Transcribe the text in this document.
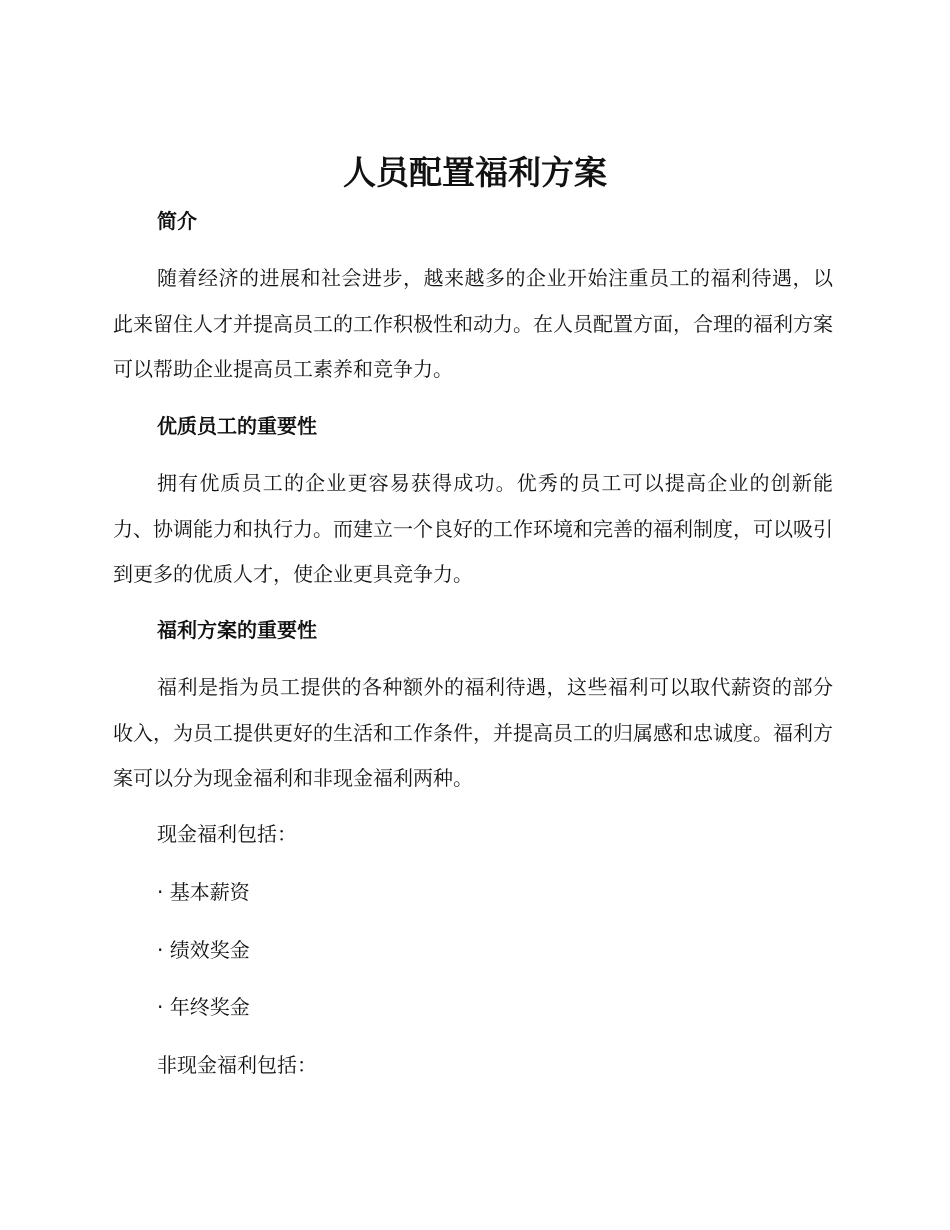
人员配置福利方案
简介

随着经济的进展和社会进步，越来越多的企业开始注重员工的福利待遇，以此来留住人才并提高员工的工作积极性和动力。在人员配置方面，合理的福利方案可以帮助企业提高员工素养和竞争力。

优质员工的重要性

拥有优质员工的企业更容易获得成功。优秀的员工可以提高企业的创新能力、协调能力和执行力。而建立一个良好的工作环境和完善的福利制度，可以吸引到更多的优质人才，使企业更具竞争力。

福利方案的重要性

福利是指为员工提供的各种额外的福利待遇，这些福利可以取代薪资的部分收入，为员工提供更好的生活和工作条件，并提高员工的归属感和忠诚度。福利方案可以分为现金福利和非现金福利两种。

现金福利包括：

· 基本薪资

· 绩效奖金

· 年终奖金

非现金福利包括：
